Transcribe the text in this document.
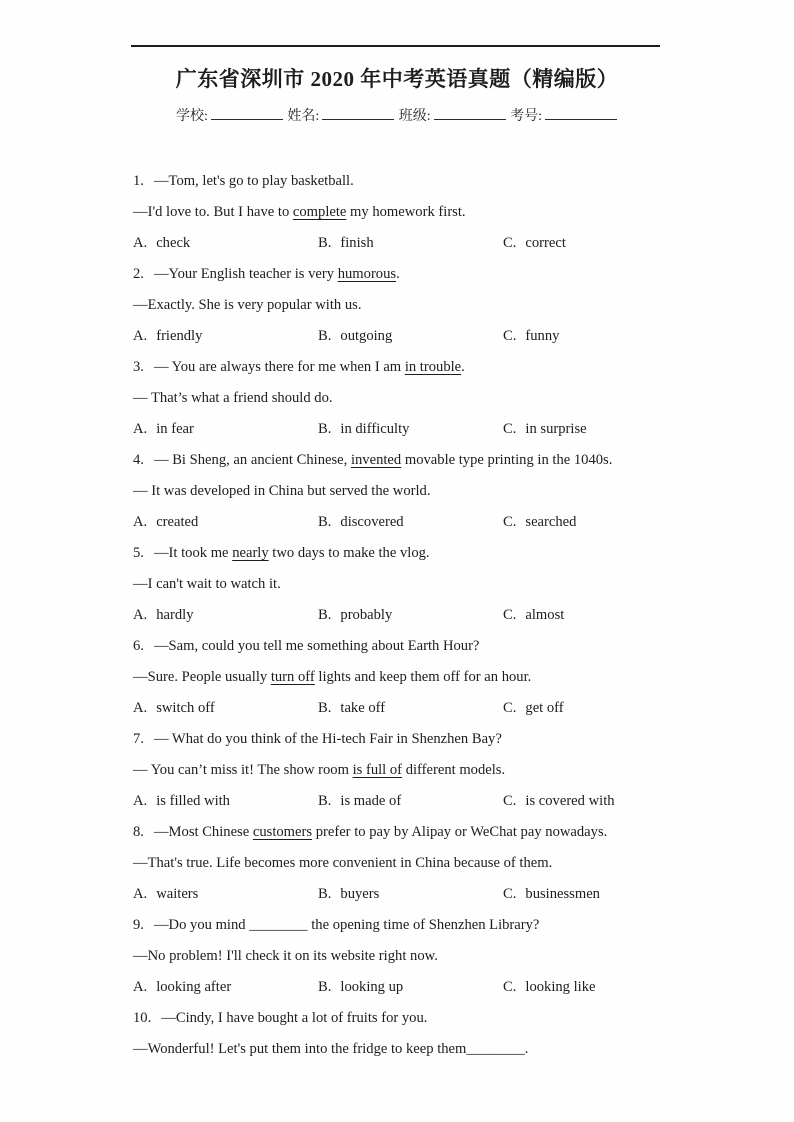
广东省深圳市 2020 年中考英语真题（精编版）
学校:	姓名:	班级:	考号:
1. —Tom, let's go to play basketball.
—I'd love to. But I have to complete my homework first.
A. check	B. finish	C. correct
2. —Your English teacher is very humorous.
—Exactly. She is very popular with us.
A. friendly	B. outgoing	C. funny
3. — You are always there for me when I am in trouble.
— That’s what a friend should do.
A. in fear	B. in difficulty	C. in surprise
4. — Bi Sheng, an ancient Chinese, invented movable type printing in the 1040s.
— It was developed in China but served the world.
A. created	B. discovered	C. searched
5. —It took me nearly two days to make the vlog.
—I can't wait to watch it.
A. hardly	B. probably	C. almost
6. —Sam, could you tell me something about Earth Hour?
—Sure. People usually turn off lights and keep them off for an hour.
A. switch off	B. take off	C. get off
7. — What do you think of the Hi-tech Fair in Shenzhen Bay?
— You can’t miss it! The show room is full of different models.
A. is filled with	B. is made of	C. is covered with
8. —Most Chinese customers prefer to pay by Alipay or WeChat pay nowadays.
—That's true. Life becomes more convenient in China because of them.
A. waiters	B. buyers	C. businessmen
9. —Do you mind ________ the opening time of Shenzhen Library?
—No problem! I'll check it on its website right now.
A. looking after	B. looking up	C. looking like
10. —Cindy, I have bought a lot of fruits for you.
—Wonderful! Let's put them into the fridge to keep them________.
